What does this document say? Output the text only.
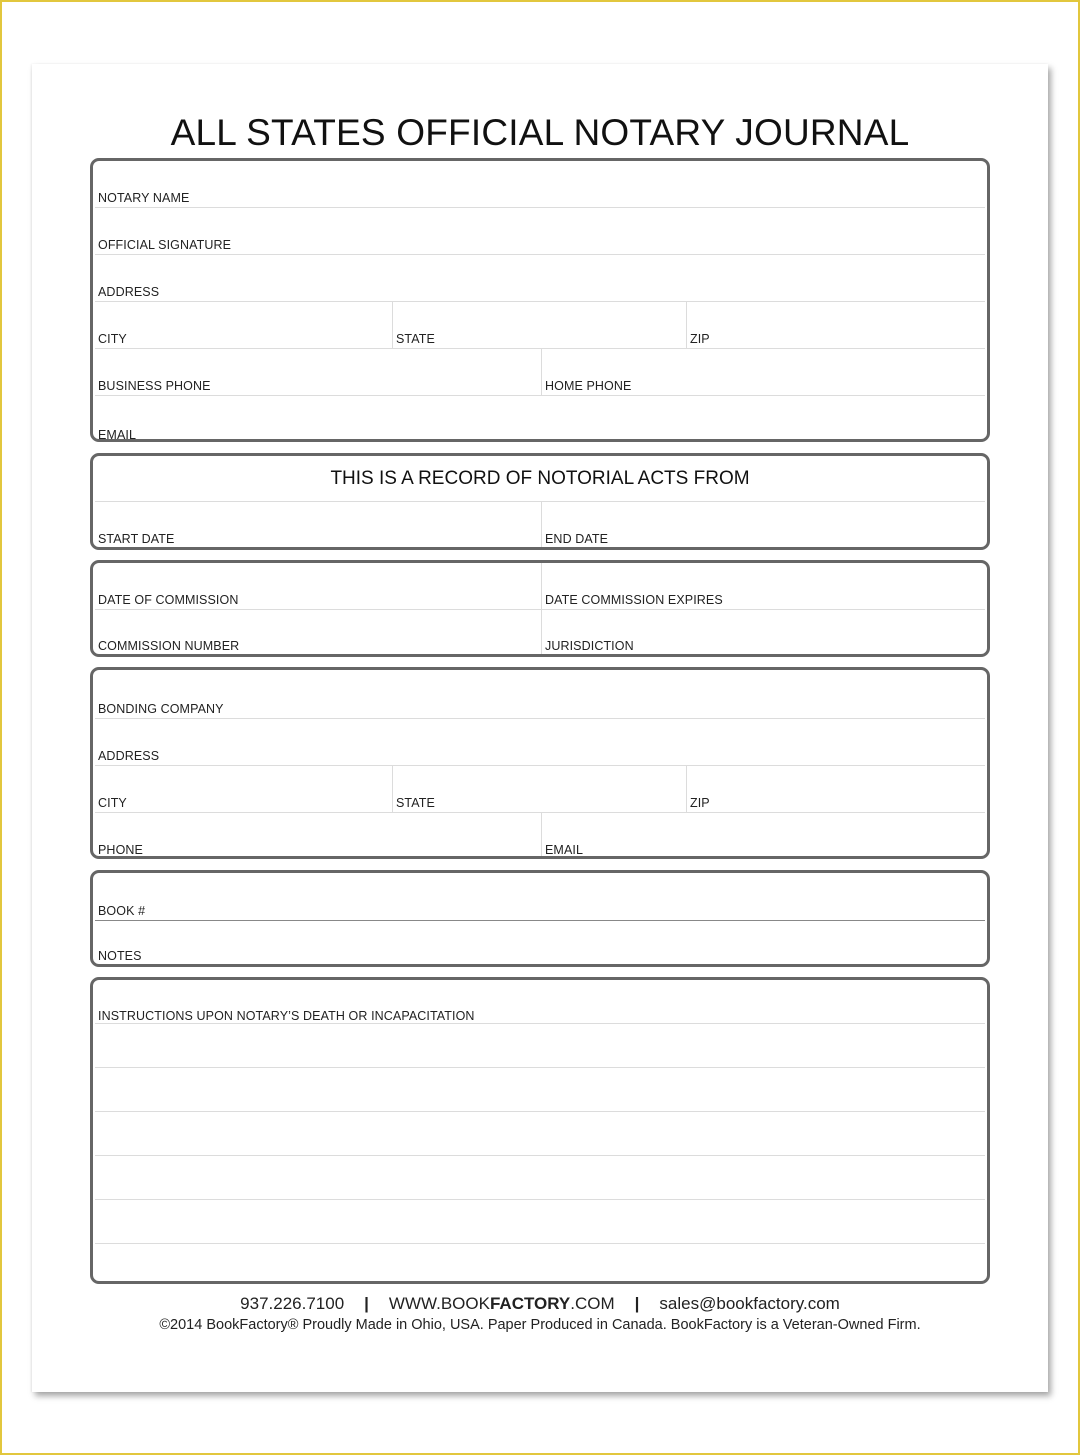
ALL STATES OFFICIAL NOTARY JOURNAL
NOTARY NAME
OFFICIAL SIGNATURE
ADDRESS
CITY	STATE	ZIP
BUSINESS PHONE	HOME PHONE
EMAIL
THIS IS A RECORD OF NOTORIAL ACTS FROM
START DATE	END DATE
DATE OF COMMISSION	DATE COMMISSION EXPIRES
COMMISSION NUMBER	JURISDICTION
BONDING COMPANY
ADDRESS
CITY	STATE	ZIP
PHONE	EMAIL
BOOK #
NOTES
INSTRUCTIONS UPON NOTARY’S DEATH OR INCAPACITATION
937.226.7100 | WWW.BOOKFACTORY.COM | sales@bookfactory.com
©2014 BookFactory® Proudly Made in Ohio, USA. Paper Produced in Canada. BookFactory is a Veteran-Owned Firm.
